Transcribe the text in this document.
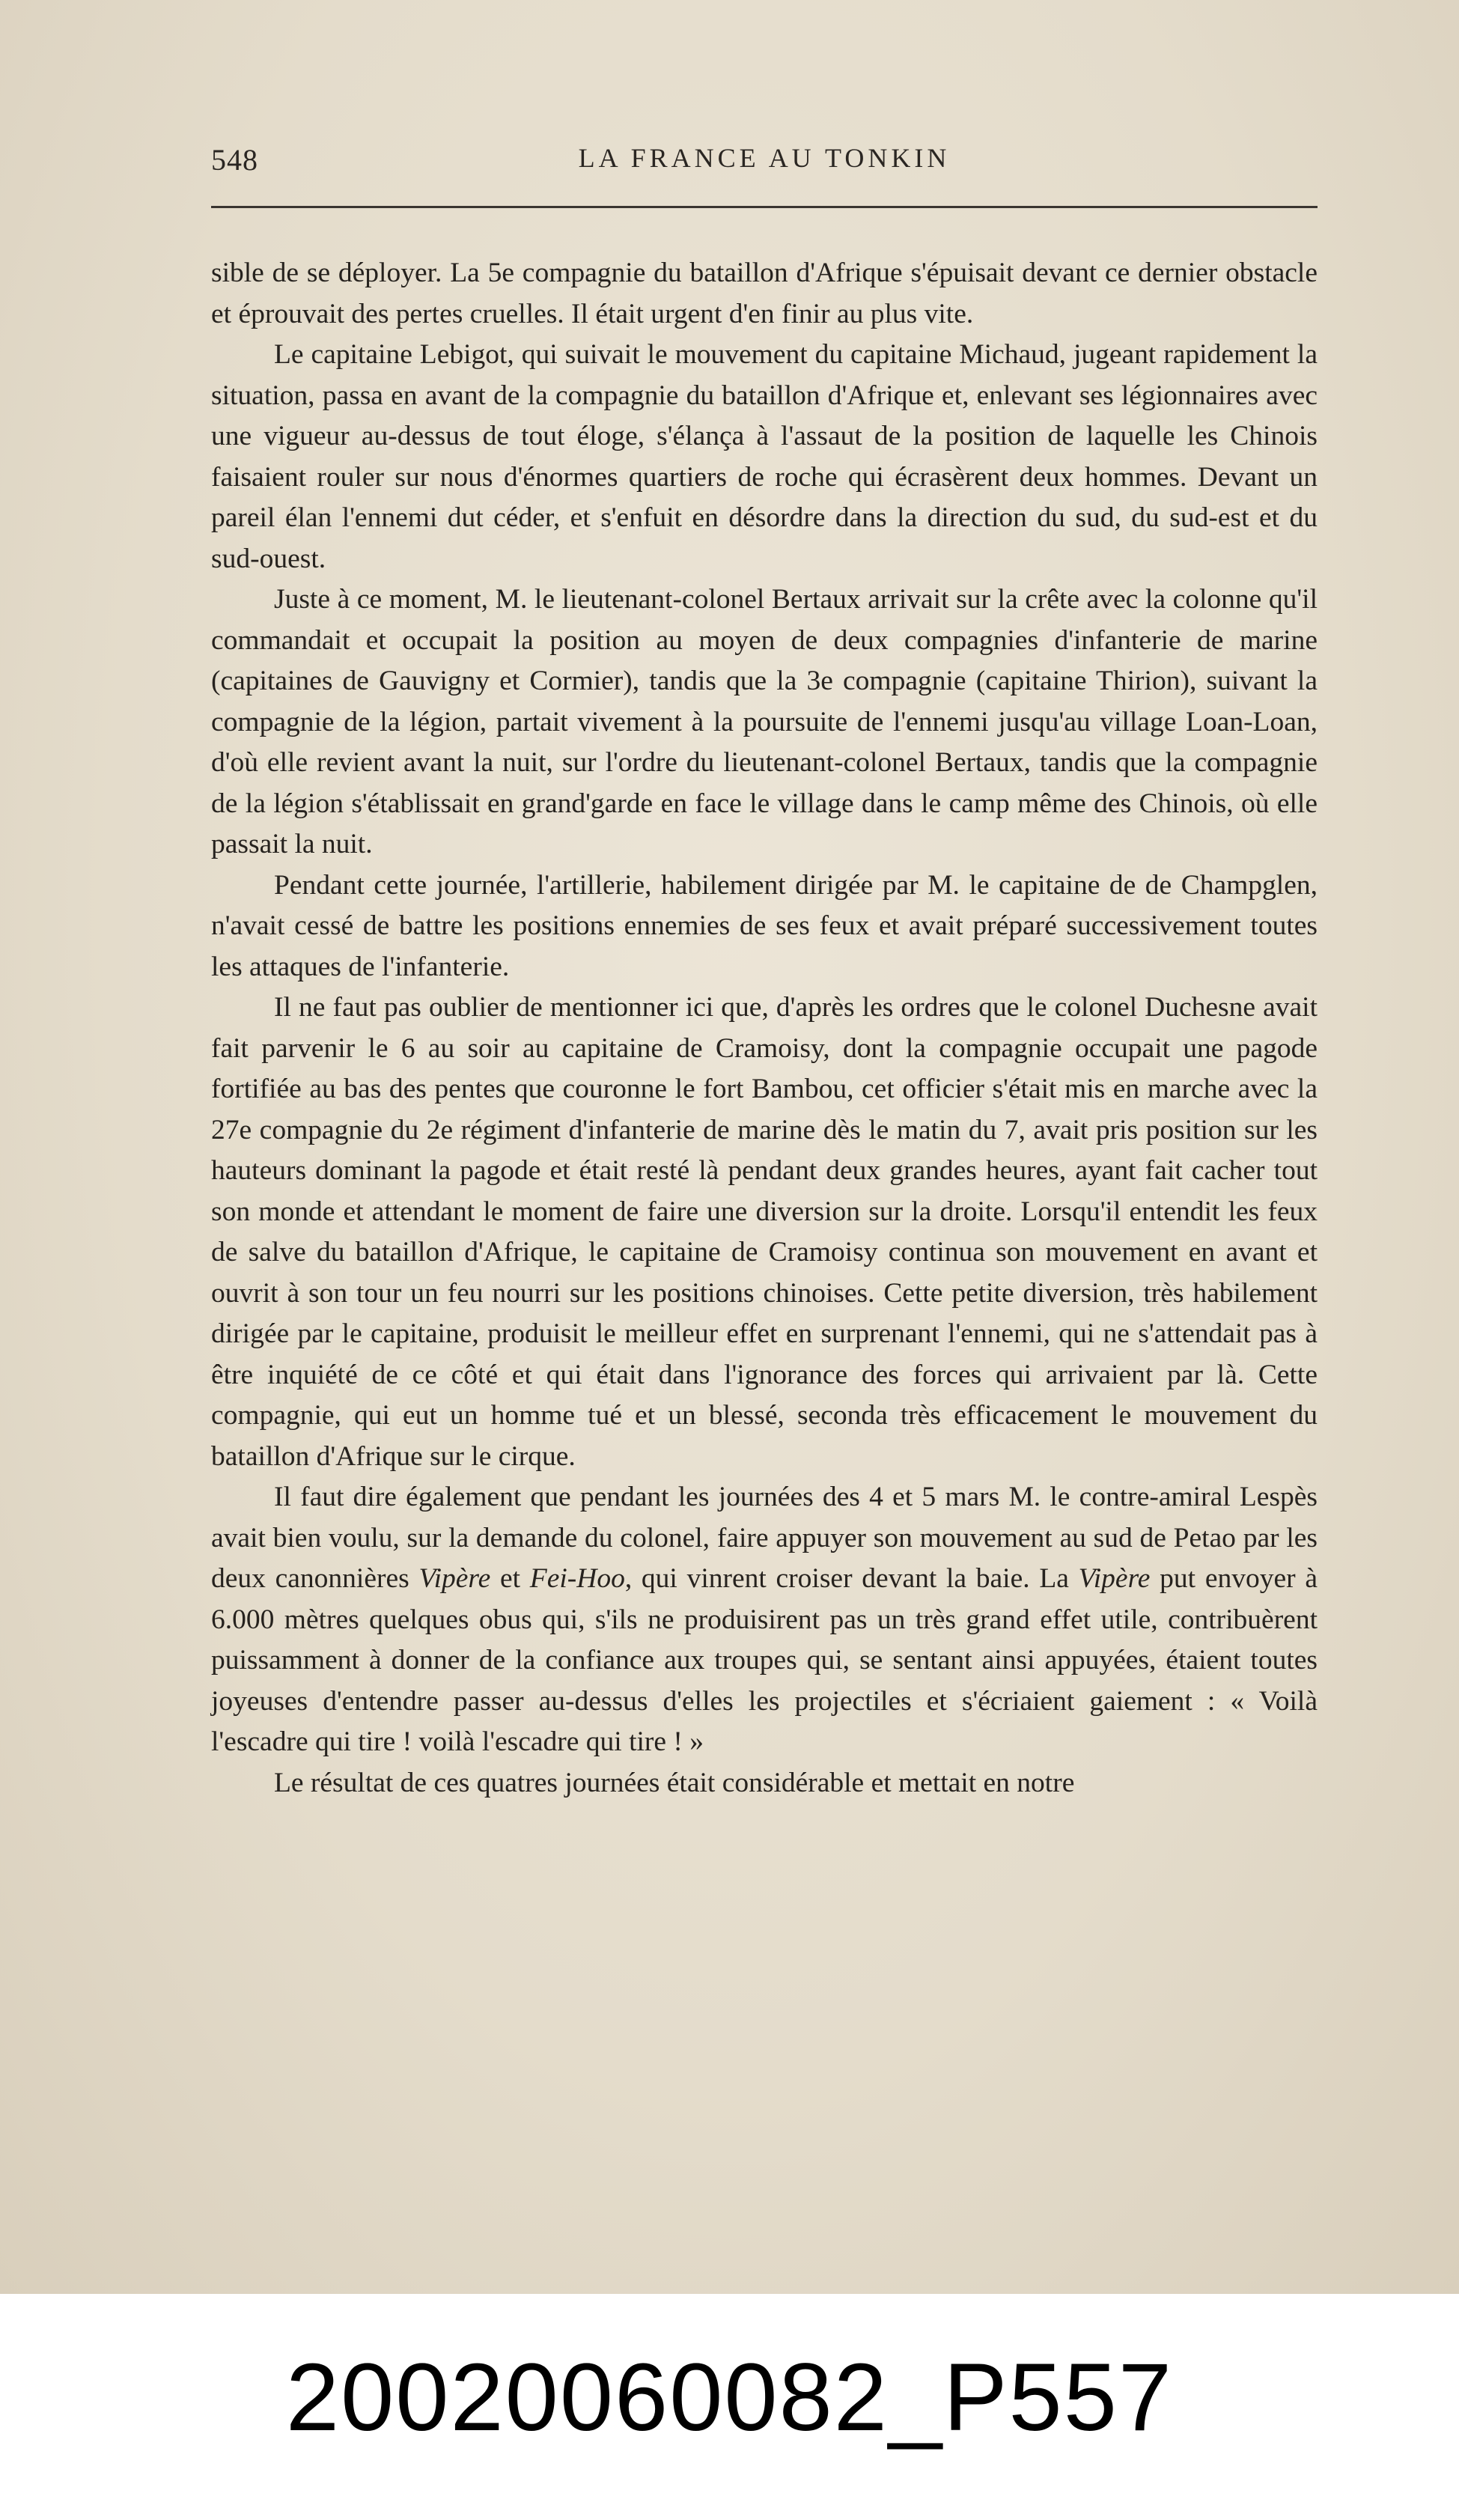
548	LA FRANCE AU TONKIN

sible de se déployer. La 5e compagnie du bataillon d'Afrique s'épuisait devant ce dernier obstacle et éprouvait des pertes cruelles. Il était urgent d'en finir au plus vite.

Le capitaine Lebigot, qui suivait le mouvement du capitaine Michaud, jugeant rapidement la situation, passa en avant de la compagnie du bataillon d'Afrique et, enlevant ses légionnaires avec une vigueur au-dessus de tout éloge, s'élança à l'assaut de la position de laquelle les Chinois faisaient rouler sur nous d'énormes quartiers de roche qui écrasèrent deux hommes. Devant un pareil élan l'ennemi dut céder, et s'enfuit en désordre dans la direction du sud, du sud-est et du sud-ouest.

Juste à ce moment, M. le lieutenant-colonel Bertaux arrivait sur la crête avec la colonne qu'il commandait et occupait la position au moyen de deux compagnies d'infanterie de marine (capitaines de Gauvigny et Cormier), tandis que la 3e compagnie (capitaine Thirion), suivant la compagnie de la légion, partait vivement à la poursuite de l'ennemi jusqu'au village Loan-Loan, d'où elle revient avant la nuit, sur l'ordre du lieutenant-colonel Bertaux, tandis que la compagnie de la légion s'établissait en grand'garde en face le village dans le camp même des Chinois, où elle passait la nuit.

Pendant cette journée, l'artillerie, habilement dirigée par M. le capitaine de de Champglen, n'avait cessé de battre les positions ennemies de ses feux et avait préparé successivement toutes les attaques de l'infanterie.

Il ne faut pas oublier de mentionner ici que, d'après les ordres que le colonel Duchesne avait fait parvenir le 6 au soir au capitaine de Cramoisy, dont la compagnie occupait une pagode fortifiée au bas des pentes que couronne le fort Bambou, cet officier s'était mis en marche avec la 27e compagnie du 2e régiment d'infanterie de marine dès le matin du 7, avait pris position sur les hauteurs dominant la pagode et était resté là pendant deux grandes heures, ayant fait cacher tout son monde et attendant le moment de faire une diversion sur la droite. Lorsqu'il entendit les feux de salve du bataillon d'Afrique, le capitaine de Cramoisy continua son mouvement en avant et ouvrit à son tour un feu nourri sur les positions chinoises. Cette petite diversion, très habilement dirigée par le capitaine, produisit le meilleur effet en surprenant l'ennemi, qui ne s'attendait pas à être inquiété de ce côté et qui était dans l'ignorance des forces qui arrivaient par là. Cette compagnie, qui eut un homme tué et un blessé, seconda très efficacement le mouvement du bataillon d'Afrique sur le cirque.

Il faut dire également que pendant les journées des 4 et 5 mars M. le contre-amiral Lespès avait bien voulu, sur la demande du colonel, faire appuyer son mouvement au sud de Petao par les deux canonnières Vipère et Fei-Hoo, qui vinrent croiser devant la baie. La Vipère put envoyer à 6.000 mètres quelques obus qui, s'ils ne produisirent pas un très grand effet utile, contribuèrent puissamment à donner de la confiance aux troupes qui, se sentant ainsi appuyées, étaient toutes joyeuses d'entendre passer au-dessus d'elles les projectiles et s'écriaient gaiement : « Voilà l'escadre qui tire ! voilà l'escadre qui tire ! »

Le résultat de ces quatres journées était considérable et mettait en notre

20020060082_P557
